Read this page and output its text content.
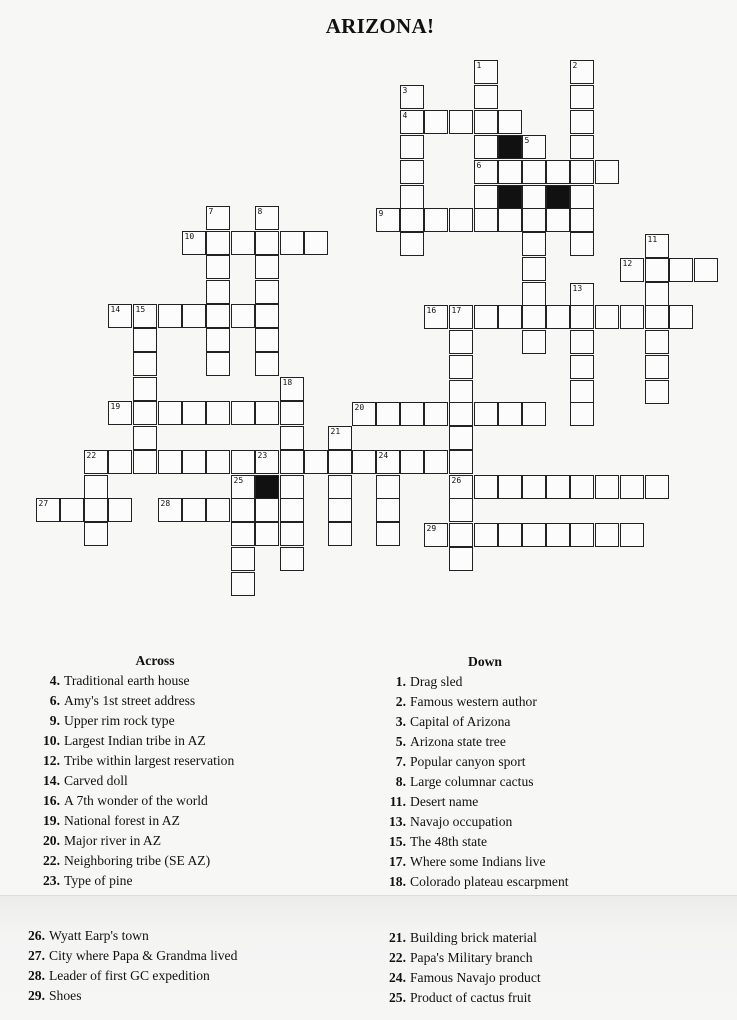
ARIZONA!
1	2
3
4
5
6
9
7	8
10	11
12
13
14 15	16 17
18
19	20
21
22	23	24
25	26
27	28
29
Across
4. Traditional earth house
6. Amy's 1st street address
9. Upper rim rock type
10. Largest Indian tribe in AZ
12. Tribe within largest reservation
14. Carved doll
16. A 7th wonder of the world
19. National forest in AZ
20. Major river in AZ
22. Neighboring tribe (SE AZ)
23. Type of pine
Down
1. Drag sled
2. Famous western author
3. Capital of Arizona
5. Arizona state tree
7. Popular canyon sport
8. Large columnar cactus
11. Desert name
13. Navajo occupation
15. The 48th state
17. Where some Indians live
18. Colorado plateau escarpment
26. Wyatt Earp's town
27. City where Papa & Grandma lived
28. Leader of first GC expedition
29. Shoes
21. Building brick material
22. Papa's Military branch
24. Famous Navajo product
25. Product of cactus fruit
